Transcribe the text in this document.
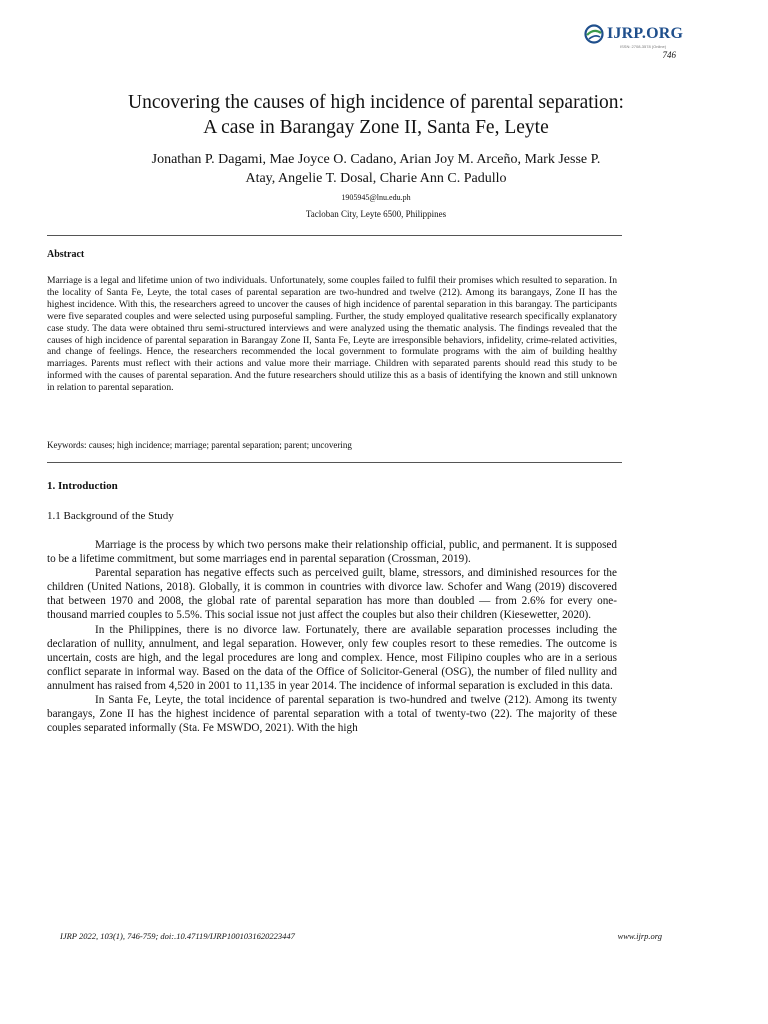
IJRP.ORG
ISSN: 2708-3578 (Online)
746
Uncovering the causes of high incidence of parental separation:
A case in Barangay Zone II, Santa Fe, Leyte
Jonathan P. Dagami, Mae Joyce O. Cadano, Arian Joy M. Arceño, Mark Jesse P.
Atay, Angelie T. Dosal, Charie Ann C. Padullo
1905945@lnu.edu.ph
Tacloban City, Leyte 6500, Philippines
Abstract
Marriage is a legal and lifetime union of two individuals. Unfortunately, some couples failed to fulfil their promises which resulted to separation. In the locality of Santa Fe, Leyte, the total cases of parental separation are two-hundred and twelve (212). Among its barangays, Zone II has the highest incidence. With this, the researchers agreed to uncover the causes of high incidence of parental separation in this barangay. The participants were five separated couples and were selected using purposeful sampling. Further, the study employed qualitative research specifically explanatory case study. The data were obtained thru semi-structured interviews and were analyzed using the thematic analysis. The findings revealed that the causes of high incidence of parental separation in Barangay Zone II, Santa Fe, Leyte are irresponsible behaviors, infidelity, crime-related activities, and change of feelings. Hence, the researchers recommended the local government to formulate programs with the aim of building healthy marriages. Parents must reflect with their actions and value more their marriage. Children with separated parents should read this study to be informed with the causes of parental separation. And the future researchers should utilize this as a basis of identifying the known and still unknown in relation to parental separation.
Keywords: causes; high incidence; marriage; parental separation; parent; uncovering
1. Introduction
1.1 Background of the Study

Marriage is the process by which two persons make their relationship official, public, and permanent. It is supposed to be a lifetime commitment, but some marriages end in parental separation (Crossman, 2019).

Parental separation has negative effects such as perceived guilt, blame, stressors, and diminished resources for the children (United Nations, 2018). Globally, it is common in countries with divorce law. Schofer and Wang (2019) discovered that between 1970 and 2008, the global rate of parental separation has more than doubled — from 2.6% for every one-thousand married couples to 5.5%. This social issue not just affect the couples but also their children (Kiesewetter, 2020).

In the Philippines, there is no divorce law. Fortunately, there are available separation processes including the declaration of nullity, annulment, and legal separation. However, only few couples resort to these remedies. The outcome is uncertain, costs are high, and the legal procedures are long and complex. Hence, most Filipino couples who are in a serious conflict separate in informal way. Based on the data of the Office of Solicitor-General (OSG), the number of filed nullity and annulment has raised from 4,520 in 2001 to 11,135 in year 2014. The incidence of informal separation is excluded in this data.

In Santa Fe, Leyte, the total incidence of parental separation is two-hundred and twelve (212). Among its twenty barangays, Zone II has the highest incidence of parental separation with a total of twenty-two (22). The majority of these couples separated informally (Sta. Fe MSWDO, 2021). With the high

IJRP 2022, 103(1), 746-759; doi:.10.47119/IJRP1001031620223447	www.ijrp.org
